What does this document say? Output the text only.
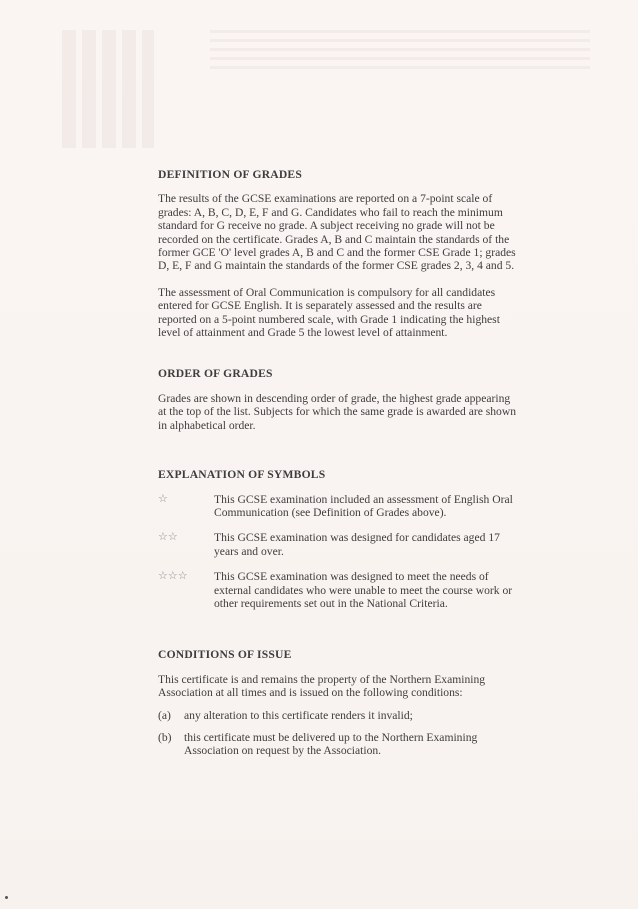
DEFINITION OF GRADES

The results of the GCSE examinations are reported on a 7-point scale of grades: A, B, C, D, E, F and G. Candidates who fail to reach the minimum standard for G receive no grade. A subject receiving no grade will not be recorded on the certificate. Grades A, B and C maintain the standards of the former GCE 'O' level grades A, B and C and the former CSE Grade 1; grades D, E, F and G maintain the standards of the former CSE grades 2, 3, 4 and 5.

The assessment of Oral Communication is compulsory for all candidates entered for GCSE English. It is separately assessed and the results are reported on a 5-point numbered scale, with Grade 1 indicating the highest level of attainment and Grade 5 the lowest level of attainment.

ORDER OF GRADES

Grades are shown in descending order of grade, the highest grade appearing at the top of the list. Subjects for which the same grade is awarded are shown in alphabetical order.

EXPLANATION OF SYMBOLS
☆	This GCSE examination included an assessment of English Oral Communication (see Definition of Grades above).
☆☆	This GCSE examination was designed for candidates aged 17 years and over.
☆☆☆	This GCSE examination was designed to meet the needs of external candidates who were unable to meet the course work or other requirements set out in the National Criteria.
CONDITIONS OF ISSUE

This certificate is and remains the property of the Northern Examining Association at all times and is issued on the following conditions:

(a)	any alteration to this certificate renders it invalid;
(b)	this certificate must be delivered up to the Northern Examining Association on request by the Association.
